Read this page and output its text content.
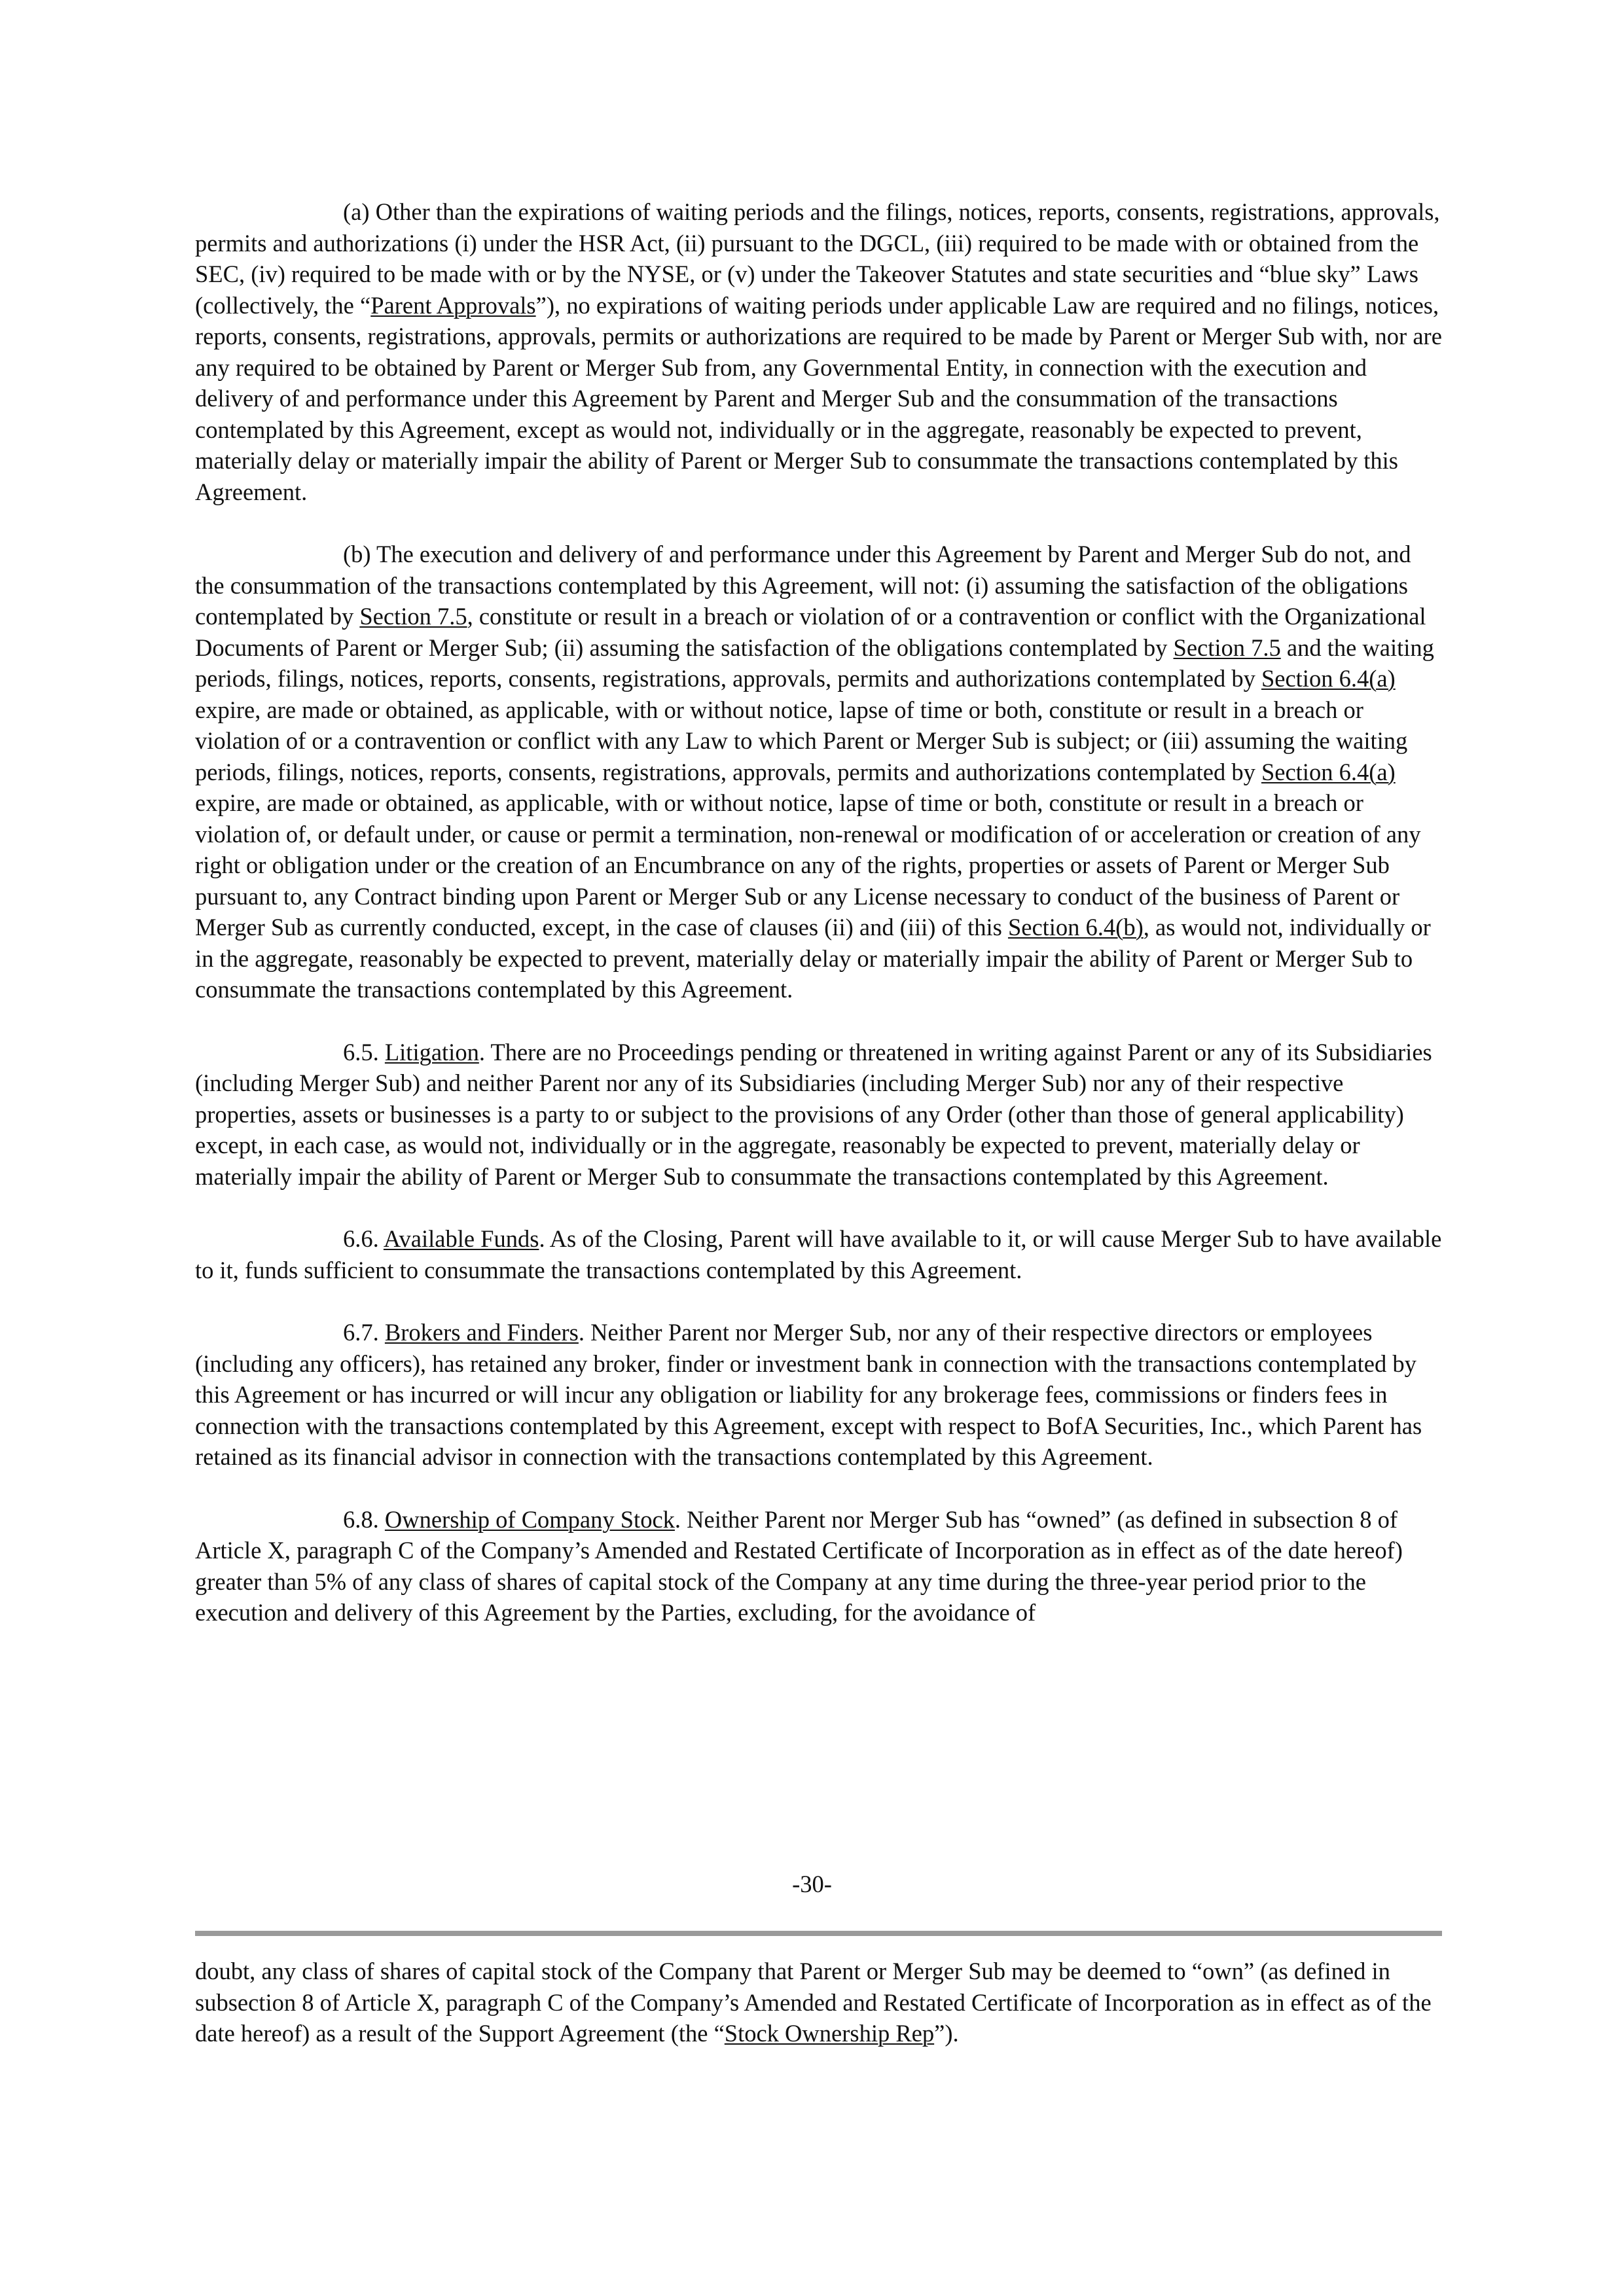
(a) Other than the expirations of waiting periods and the filings, notices, reports, consents, registrations, approvals, permits and authorizations (i) under the HSR Act, (ii) pursuant to the DGCL, (iii) required to be made with or obtained from the SEC, (iv) required to be made with or by the NYSE, or (v) under the Takeover Statutes and state securities and “blue sky” Laws (collectively, the “Parent Approvals”), no expirations of waiting periods under applicable Law are required and no filings, notices, reports, consents, registrations, approvals, permits or authorizations are required to be made by Parent or Merger Sub with, nor are any required to be obtained by Parent or Merger Sub from, any Governmental Entity, in connection with the execution and delivery of and performance under this Agreement by Parent and Merger Sub and the consummation of the transactions contemplated by this Agreement, except as would not, individually or in the aggregate, reasonably be expected to prevent, materially delay or materially impair the ability of Parent or Merger Sub to consummate the transactions contemplated by this Agreement.

(b) The execution and delivery of and performance under this Agreement by Parent and Merger Sub do not, and the consummation of the transactions contemplated by this Agreement, will not: (i) assuming the satisfaction of the obligations contemplated by Section 7.5, constitute or result in a breach or violation of or a contravention or conflict with the Organizational Documents of Parent or Merger Sub; (ii) assuming the satisfaction of the obligations contemplated by Section 7.5 and the waiting periods, filings, notices, reports, consents, registrations, approvals, permits and authorizations contemplated by Section 6.4(a) expire, are made or obtained, as applicable, with or without notice, lapse of time or both, constitute or result in a breach or violation of or a contravention or conflict with any Law to which Parent or Merger Sub is subject; or (iii) assuming the waiting periods, filings, notices, reports, consents, registrations, approvals, permits and authorizations contemplated by Section 6.4(a) expire, are made or obtained, as applicable, with or without notice, lapse of time or both, constitute or result in a breach or violation of, or default under, or cause or permit a termination, non-renewal or modification of or acceleration or creation of any right or obligation under or the creation of an Encumbrance on any of the rights, properties or assets of Parent or Merger Sub pursuant to, any Contract binding upon Parent or Merger Sub or any License necessary to conduct of the business of Parent or Merger Sub as currently conducted, except, in the case of clauses (ii) and (iii) of this Section 6.4(b), as would not, individually or in the aggregate, reasonably be expected to prevent, materially delay or materially impair the ability of Parent or Merger Sub to consummate the transactions contemplated by this Agreement.

6.5. Litigation. There are no Proceedings pending or threatened in writing against Parent or any of its Subsidiaries (including Merger Sub) and neither Parent nor any of its Subsidiaries (including Merger Sub) nor any of their respective properties, assets or businesses is a party to or subject to the provisions of any Order (other than those of general applicability) except, in each case, as would not, individually or in the aggregate, reasonably be expected to prevent, materially delay or materially impair the ability of Parent or Merger Sub to consummate the transactions contemplated by this Agreement.

6.6. Available Funds. As of the Closing, Parent will have available to it, or will cause Merger Sub to have available to it, funds sufficient to consummate the transactions contemplated by this Agreement.

6.7. Brokers and Finders. Neither Parent nor Merger Sub, nor any of their respective directors or employees (including any officers), has retained any broker, finder or investment bank in connection with the transactions contemplated by this Agreement or has incurred or will incur any obligation or liability for any brokerage fees, commissions or finders fees in connection with the transactions contemplated by this Agreement, except with respect to BofA Securities, Inc., which Parent has retained as its financial advisor in connection with the transactions contemplated by this Agreement.

6.8. Ownership of Company Stock. Neither Parent nor Merger Sub has “owned” (as defined in subsection 8 of Article X, paragraph C of the Company’s Amended and Restated Certificate of Incorporation as in effect as of the date hereof) greater than 5% of any class of shares of capital stock of the Company at any time during the three-year period prior to the execution and delivery of this Agreement by the Parties, excluding, for the avoidance of

-30-

doubt, any class of shares of capital stock of the Company that Parent or Merger Sub may be deemed to “own” (as defined in subsection 8 of Article X, paragraph C of the Company’s Amended and Restated Certificate of Incorporation as in effect as of the date hereof) as a result of the Support Agreement (the “Stock Ownership Rep”).
